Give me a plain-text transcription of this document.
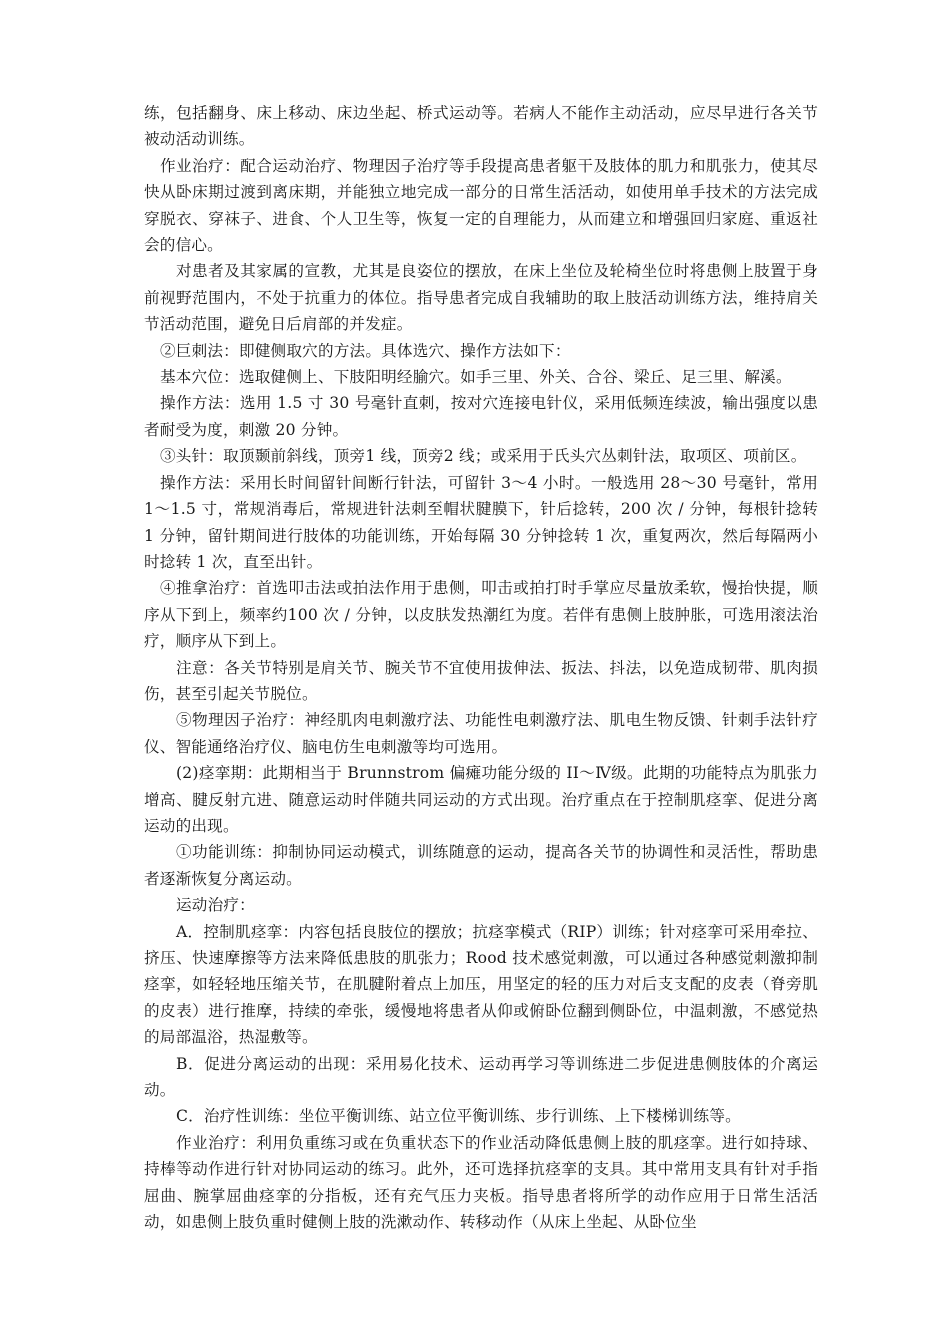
练，包括翻身、床上移动、床边坐起、桥式运动等。若病人不能作主动活动，应尽早进行各关节被动活动训练。

作业治疗：配合运动治疗、物理因子治疗等手段提高患者躯干及肢体的肌力和肌张力，使其尽快从卧床期过渡到离床期，并能独立地完成一部分的日常生活活动，如使用单手技术的方法完成穿脱衣、穿袜子、进食、个人卫生等，恢复一定的自理能力，从而建立和增强回归家庭、重返社会的信心。

对患者及其家属的宣教，尤其是良姿位的摆放，在床上坐位及轮椅坐位时将患侧上肢置于身前视野范围内，不处于抗重力的体位。指导患者完成自我辅助的取上肢活动训练方法，维持肩关节活动范围，避免日后肩部的并发症。

②巨刺法：即健侧取穴的方法。具体选穴、操作方法如下：

基本穴位：选取健侧上、下肢阳明经腧穴。如手三里、外关、合谷、梁丘、足三里、解溪。

操作方法：选用 1.5 寸 30 号毫针直刺，按对穴连接电针仪，采用低频连续波，输出强度以患者耐受为度，刺激 20 分钟。

③头针：取顶颞前斜线，顶旁1 线，顶旁2 线；或采用于氏头穴丛刺针法，取项区、项前区。

操作方法：采用长时间留针间断行针法，可留针 3～4 小时。一般选用 28～30 号毫针，常用 1～1.5 寸，常规消毒后，常规进针法刺至帽状腱膜下，针后捻转，200 次 / 分钟，每根针捻转 1 分钟，留针期间进行肢体的功能训练，开始每隔 30 分钟捻转 1 次，重复两次，然后每隔两小时捻转 1 次，直至出针。

④推拿治疗：首选叩击法或拍法作用于患侧，叩击或拍打时手掌应尽量放柔软，慢抬快提，顺序从下到上，频率约100 次 / 分钟，以皮肤发热潮红为度。若伴有患侧上肢肿胀，可选用滚法治疗，顺序从下到上。

注意：各关节特别是肩关节、腕关节不宜使用拔伸法、扳法、抖法，以免造成韧带、肌肉损伤，甚至引起关节脱位。

⑤物理因子治疗：神经肌肉电刺激疗法、功能性电刺激疗法、肌电生物反馈、针刺手法针疗仪、智能通络治疗仪、脑电仿生电刺激等均可选用。

(2)痉挛期：此期相当于 Brunnstrom 偏瘫功能分级的 II～Ⅳ级。此期的功能特点为肌张力增高、腱反射亢进、随意运动时伴随共同运动的方式出现。治疗重点在于控制肌痉挛、促进分离运动的出现。

①功能训练：抑制协同运动模式，训练随意的运动，提高各关节的协调性和灵活性，帮助患者逐渐恢复分离运动。

运动治疗：

A．控制肌痉挛：内容包括良肢位的摆放；抗痉挛模式（RIP）训练；针对痉挛可采用牵拉、挤压、快速摩擦等方法来降低患肢的肌张力；Rood 技术感觉刺激，可以通过各种感觉刺激抑制痉挛，如轻轻地压缩关节，在肌腱附着点上加压，用坚定的轻的压力对后支支配的皮表（脊旁肌的皮表）进行推摩，持续的牵张，缓慢地将患者从仰或俯卧位翻到侧卧位，中温刺激，不感觉热的局部温浴，热湿敷等。

B．促进分离运动的出现：采用易化技术、运动再学习等训练进二步促进患侧肢体的介离运动。

C．治疗性训练：坐位平衡训练、站立位平衡训练、步行训练、上下楼梯训练等。

作业治疗：利用负重练习或在负重状态下的作业活动降低患侧上肢的肌痉挛。进行如持球、持棒等动作进行针对协同运动的练习。此外，还可选择抗痉挛的支具。其中常用支具有针对手指屈曲、腕掌屈曲痉挛的分指板，还有充气压力夹板。指导患者将所学的动作应用于日常生活活动，如患侧上肢负重时健侧上肢的洗漱动作、转移动作（从床上坐起、从卧位坐
